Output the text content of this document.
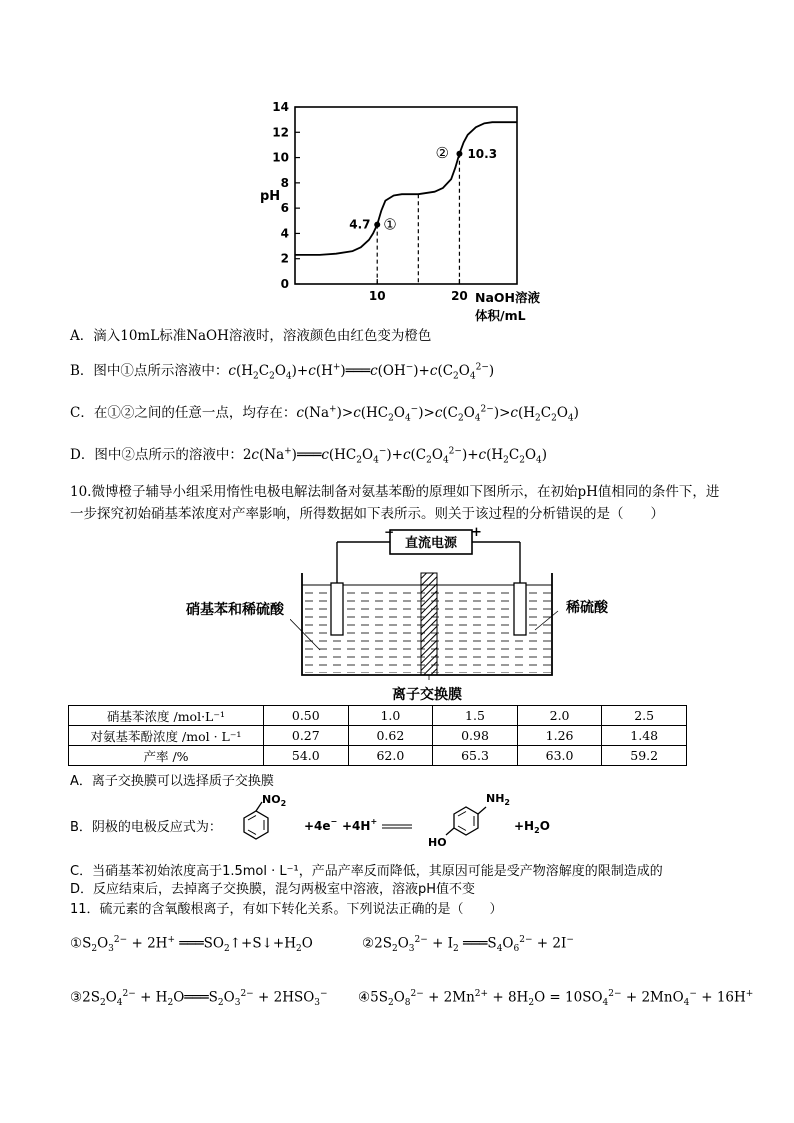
pH
NaOH溶液
体积/mL
0
2
4
6
8
10
12
14
10	20
4.7 ①
10.3
②
A．滴入10mL标准NaOH溶液时，溶液颜色由红色变为橙色
B．图中①点所示溶液中：$c(H_2C_2O_4)+c(H^+)═══c(OH^-)+c(C_2O_4^{2-})$
C．在①②之间的任意一点，均存在：$c(Na^+)>c(HC_2O_4^-)>c(C_2O_4^{2-})>c(H_2C_2O_4)$
D．图中②点所示的溶液中：$2c(Na^+)═══c(HC_2O_4^-)+c(C_2O_4^{2-})+c(H_2C_2O_4)$
10.微博橙子辅导小组采用惰性电极电解法制备对氨基苯酚的原理如下图所示，在初始pH值相同的条件下，进一步探究初始硝基苯浓度对产率影响，所得数据如下表所示。则关于该过程的分析错误的是（　　）
直流电源
−	+
硝基苯和稀硫酸	稀硫酸
离子交换膜
硝基苯浓度 /mol·L⁻¹	0.50	1.0	1.5	2.0	2.5
对氨基苯酚浓度 /mol · L⁻¹	0.27	0.62	0.98	1.26	1.48
产率 /%	54.0	62.0	65.3	63.0	59.2
A．离子交换膜可以选择质子交换膜
B．阴极的电极反应式为：
$NO_2$
+4e− +4H+
$NH_2$
HO
$+H_2O$
C．当硝基苯初始浓度高于1.5mol · L⁻¹，产品产率反而降低，其原因可能是受产物溶解度的限制造成的
D．反应结束后，去掉离子交换膜，混匀两极室中溶液，溶液pH值不变
11．硫元素的含氧酸根离子，有如下转化关系。下列说法正确的是（　　）
$①S_2O_3^{2-} + 2H^+$ $═══SO_2↑+S↓+H_2O$	$②2S_2O_3^{2-} + I_2$ $═══S_4O_6^{2-} + 2I^-$
$③2S_2O_4^{2-}$ + $H_2O═══S_2O_3^{2-} + 2HSO_3^-$ $④5S_2O_8^{2-} + 2Mn^{2+} + 8H_2O = 10SO_4^{2-} + 2MnO_4^- + 16H^+$
